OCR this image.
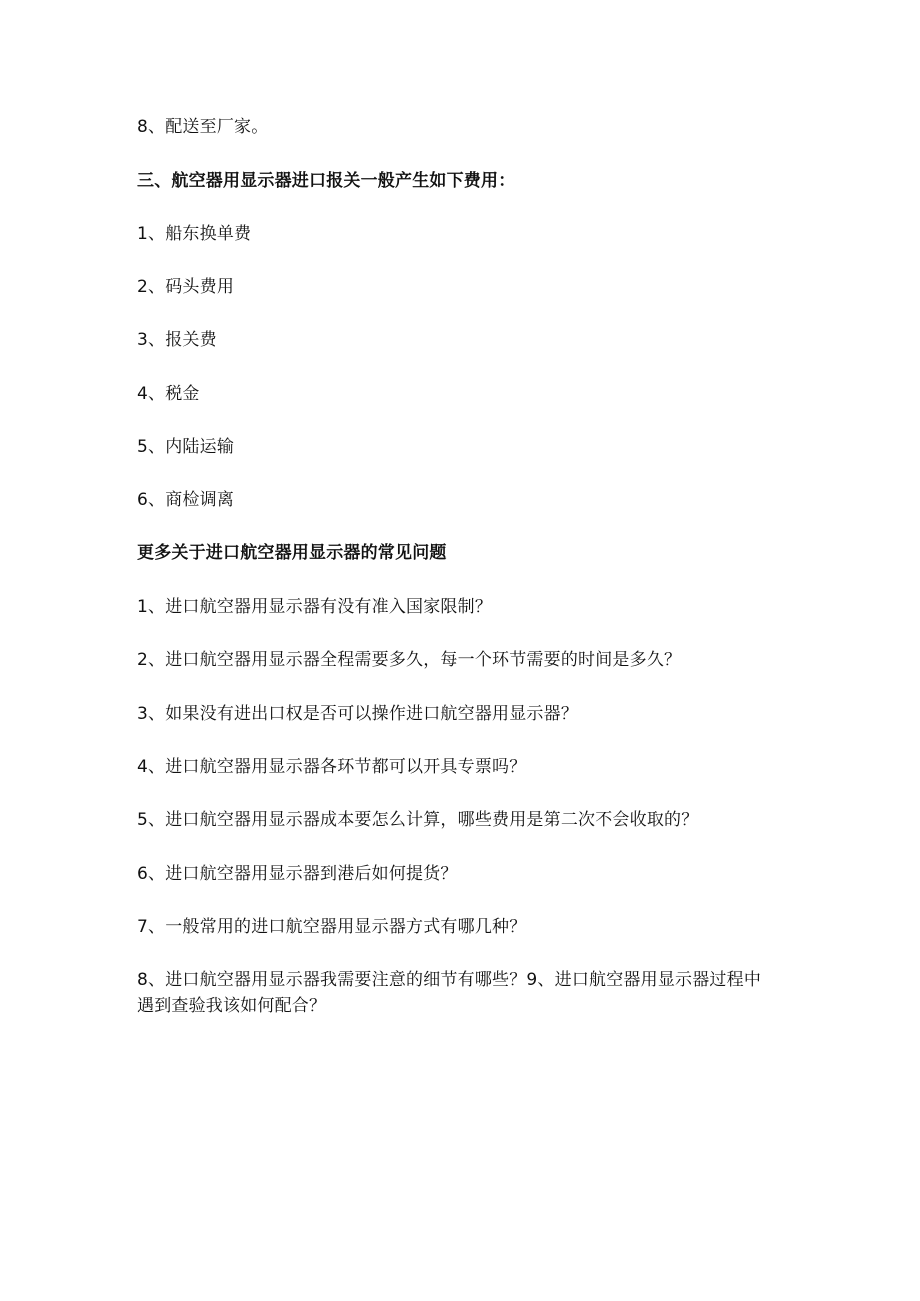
8、配送至厂家。
三、航空器用显示器进口报关一般产生如下费用：
1、船东换单费
2、码头费用
3、报关费
4、税金
5、内陆运输
6、商检调离
更多关于进口航空器用显示器的常见问题
1、进口航空器用显示器有没有准入国家限制？
2、进口航空器用显示器全程需要多久，每一个环节需要的时间是多久？
3、如果没有进出口权是否可以操作进口航空器用显示器？
4、进口航空器用显示器各环节都可以开具专票吗？
5、进口航空器用显示器成本要怎么计算，哪些费用是第二次不会收取的？
6、进口航空器用显示器到港后如何提货？
7、一般常用的进口航空器用显示器方式有哪几种？
8、进口航空器用显示器我需要注意的细节有哪些？9、进口航空器用显示器过程中遇到查验我该如何配合？
